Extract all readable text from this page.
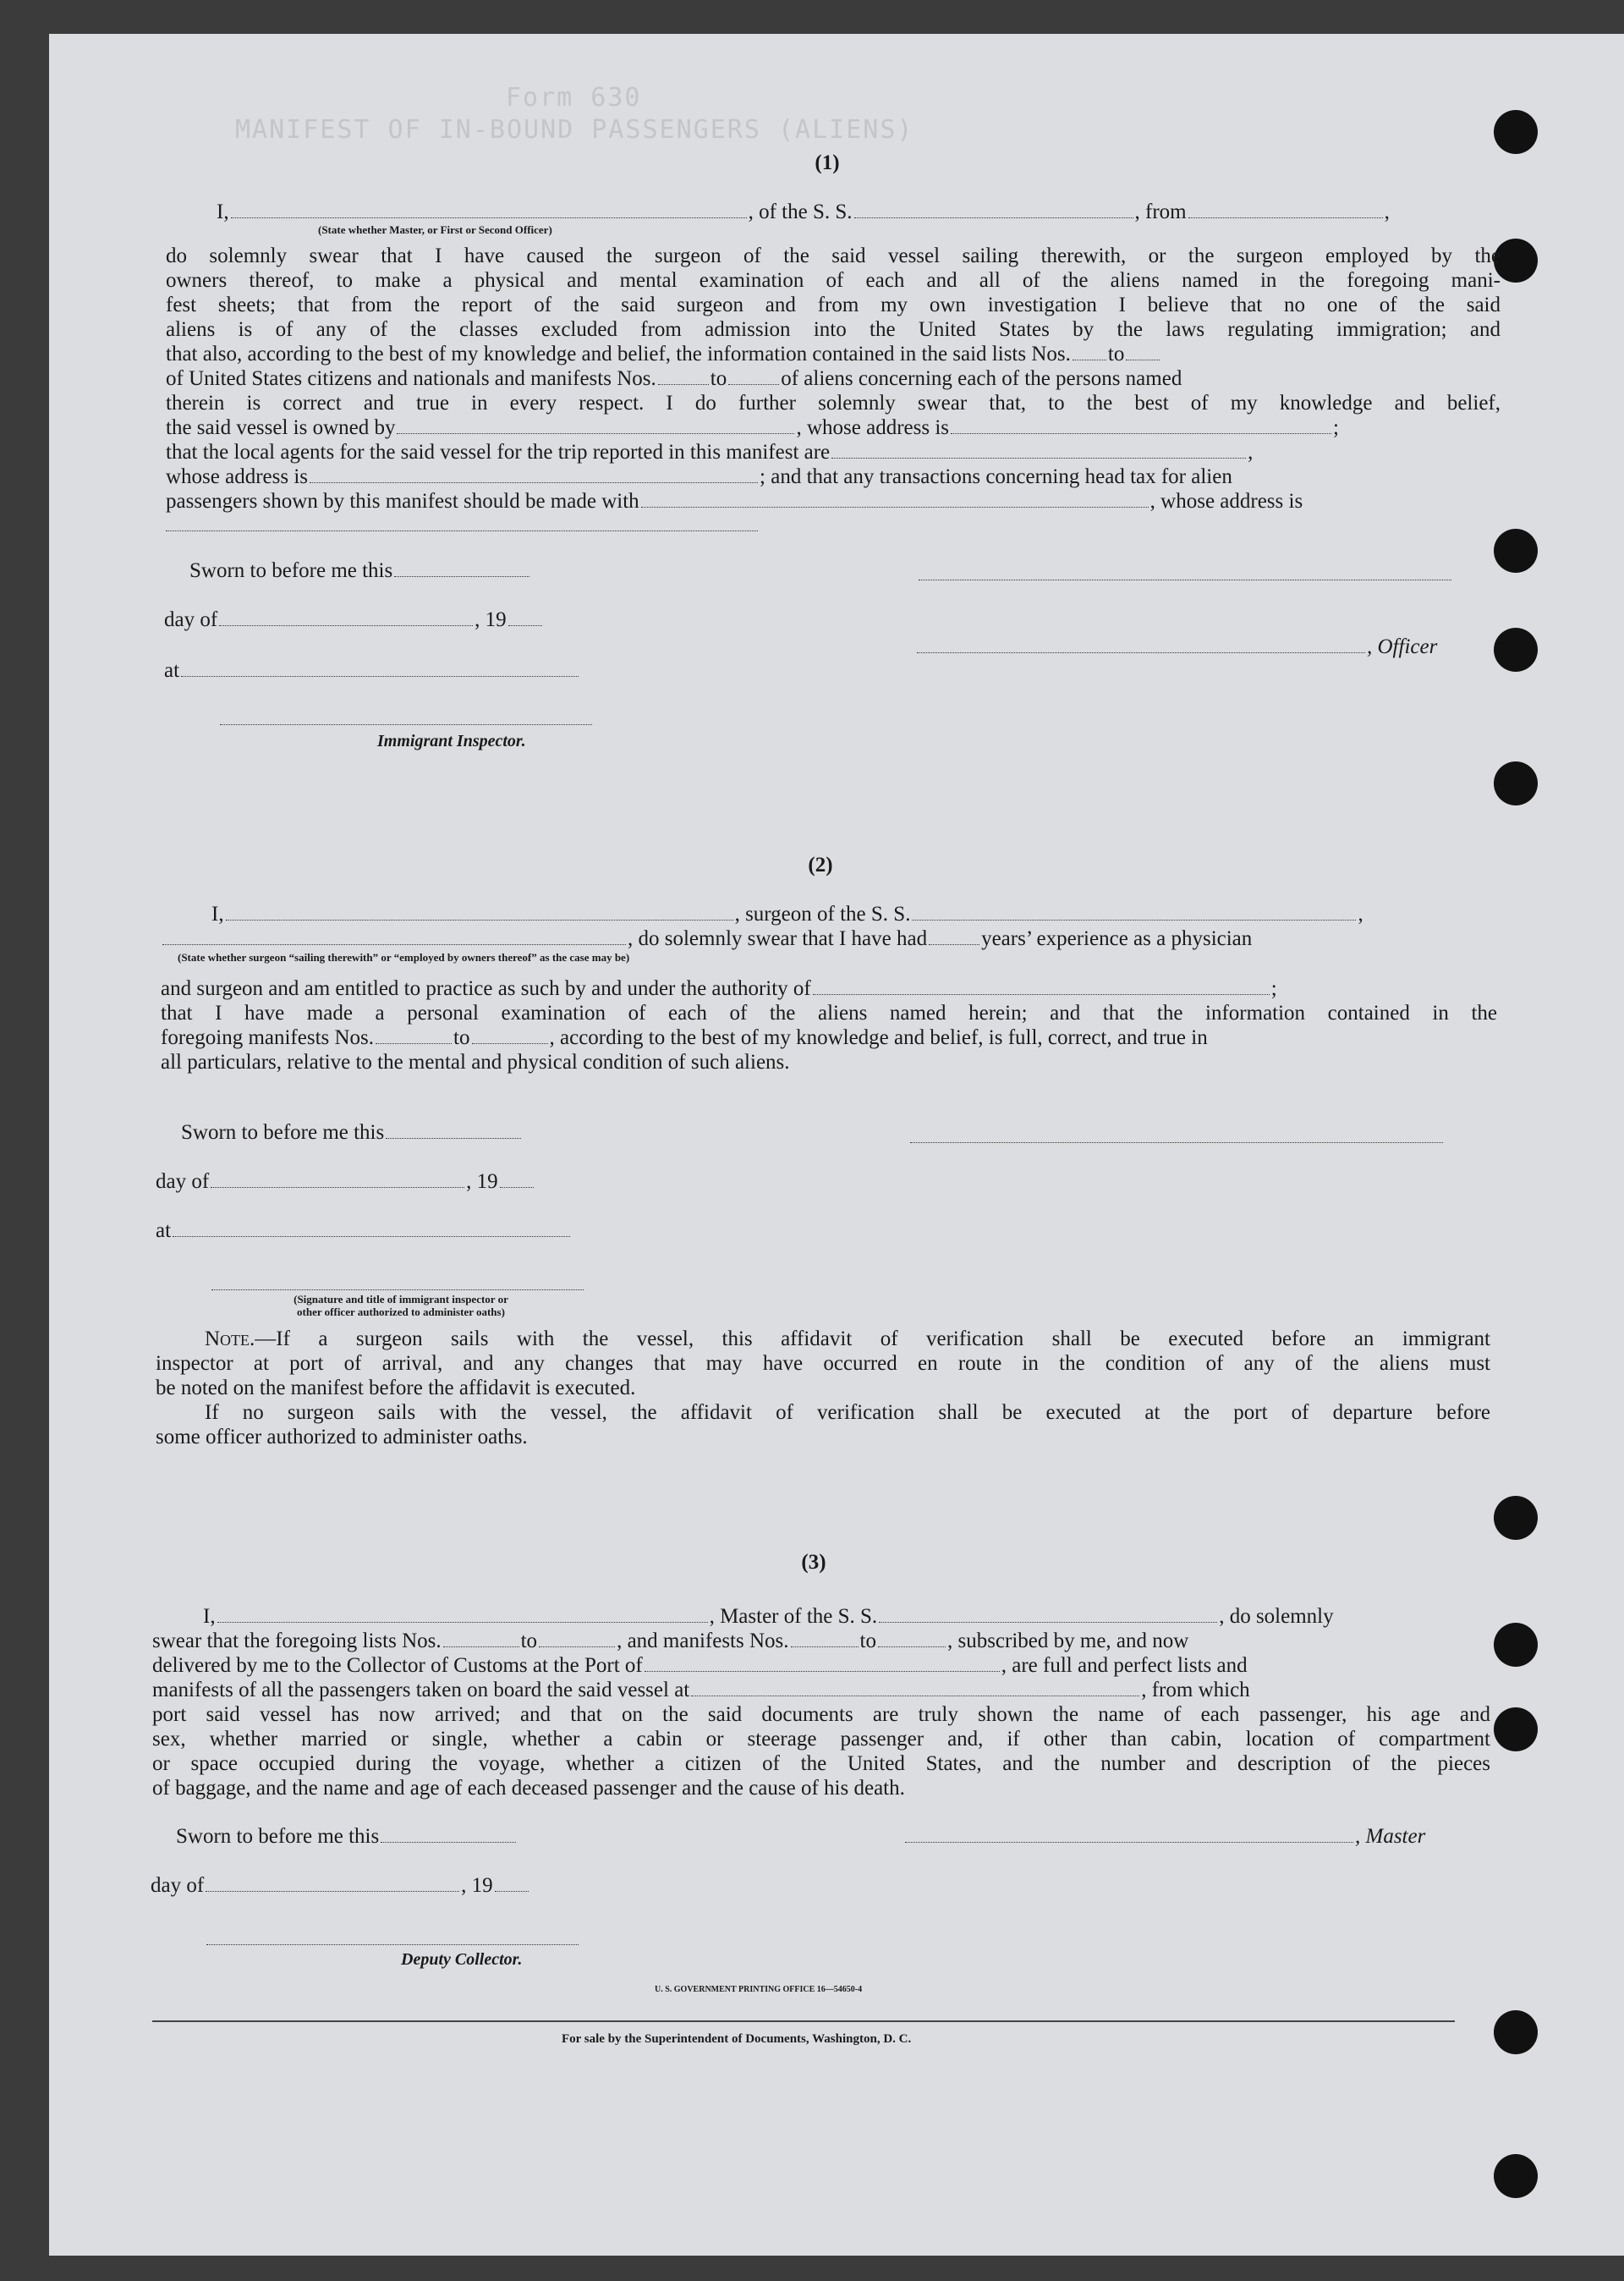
Form 630
MANIFEST OF IN-BOUND PASSENGERS (ALIENS)
(1)
I,	, of the S. S.	, from	,
(State whether Master, or First or Second Officer)
do solemnly swear that I have caused the surgeon of the said vessel sailing therewith, or the surgeon employed by the
owners thereof, to make a physical and mental examination of each and all of the aliens named in the foregoing mani-
fest sheets; that from the report of the said surgeon and from my own investigation I believe that no one of the said
aliens is of any of the classes excluded from admission into the United States by the laws regulating immigration; and
that also, according to the best of my knowledge and belief, the information contained in the said lists Nos. to
of United States citizens and nationals and manifests Nos.	to	of aliens concerning each of the persons named
therein is correct and true in every respect. I do further solemnly swear that, to the best of my knowledge and belief,
the said vessel is owned by	, whose address is	;
that the local agents for the said vessel for the trip reported in this manifest are	,
whose address is	; and that any transactions concerning head tax for alien
passengers shown by this manifest should be made with	, whose address is
Sworn to before me this
day of	, 19
, Officer
at
Immigrant Inspector.
(2)
I,	, surgeon of the S. S.	,
, do solemnly swear that I have had	years’ experience as a physician
(State whether surgeon “sailing therewith” or “employed by owners thereof” as the case may be)
and surgeon and am entitled to practice as such by and under the authority of	;
that I have made a personal examination of each of the aliens named herein; and that the information contained in the
foregoing manifests Nos.	to	, according to the best of my knowledge and belief, is full, correct, and true in
all particulars, relative to the mental and physical condition of such aliens.
Sworn to before me this
day of	, 19
at
(Signature and title of immigrant inspector or
other officer authorized to administer oaths)
Note.—If a surgeon sails with the vessel, this affidavit of verification shall be executed before an immigrant
inspector at port of arrival, and any changes that may have occurred en route in the condition of any of the aliens must
be noted on the manifest before the affidavit is executed.
If no surgeon sails with the vessel, the affidavit of verification shall be executed at the port of departure before
some officer authorized to administer oaths.
(3)
I,	, Master of the S. S.	, do solemnly
swear that the foregoing lists Nos.	to	, and manifests Nos.	to	, subscribed by me, and now
delivered by me to the Collector of Customs at the Port of	, are full and perfect lists and
manifests of all the passengers taken on board the said vessel at	, from which
port said vessel has now arrived; and that on the said documents are truly shown the name of each passenger, his age and
sex, whether married or single, whether a cabin or steerage passenger and, if other than cabin, location of compartment
or space occupied during the voyage, whether a citizen of the United States, and the number and description of the pieces
of baggage, and the name and age of each deceased passenger and the cause of his death.
Sworn to before me this	, Master
day of	, 19
Deputy Collector.
U. S. GOVERNMENT PRINTING OFFICE 16—54650-4
For sale by the Superintendent of Documents, Washington, D. C.
